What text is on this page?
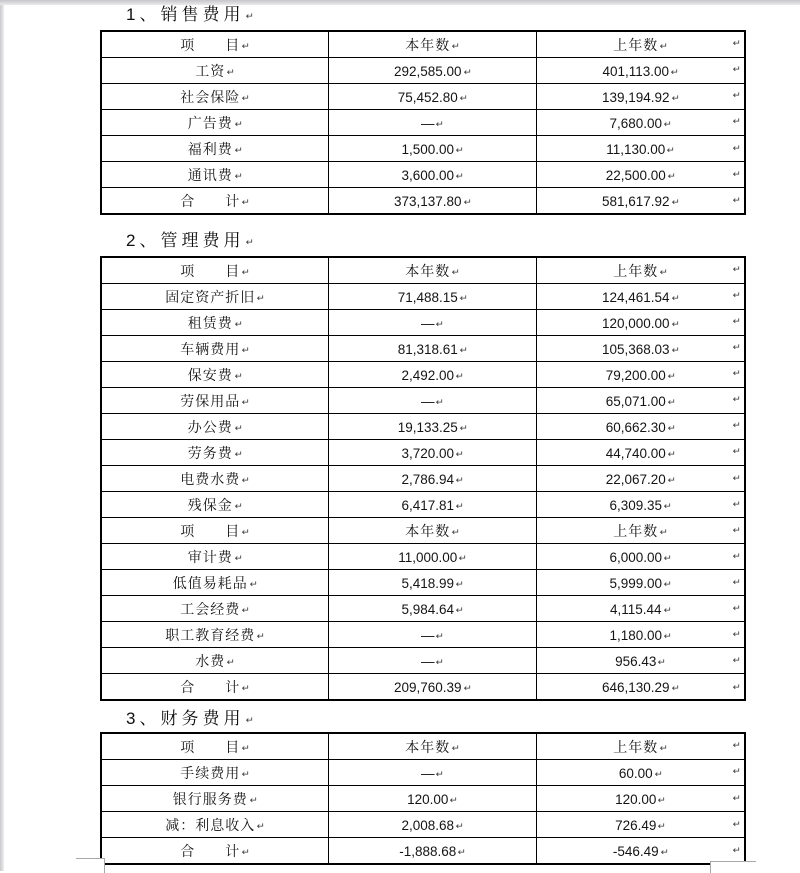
1、销售费用 ↵
项　　目 ↵	本年数 ↵	上年数 ↵
工资 ↵	292,585.00 ↵	401,113.00 ↵
社会保险 ↵	75,452.80 ↵	139,194.92 ↵
广告费 ↵	— ↵	7,680.00 ↵
福利费 ↵	1,500.00 ↵	11,130.00 ↵
通讯费 ↵	3,600.00 ↵	22,500.00 ↵
合　　计 ↵	373,137.80 ↵	581,617.92 ↵
↵
↵
↵
↵
↵
↵
↵
2、管理费用 ↵
项　　目 ↵	本年数 ↵	上年数 ↵
固定资产折旧 ↵	71,488.15 ↵	124,461.54 ↵
租赁费 ↵	— ↵	120,000.00 ↵
车辆费用 ↵	81,318.61 ↵	105,368.03 ↵
保安费 ↵	2,492.00 ↵	79,200.00 ↵
劳保用品 ↵	— ↵	65,071.00 ↵
办公费 ↵	19,133.25 ↵	60,662.30 ↵
劳务费 ↵	3,720.00 ↵	44,740.00 ↵
电费水费 ↵	2,786.94 ↵	22,067.20 ↵
残保金 ↵	6,417.81 ↵	6,309.35 ↵
项　　目 ↵	本年数 ↵	上年数 ↵
审计费 ↵	11,000.00 ↵	6,000.00 ↵
低值易耗品 ↵	5,418.99 ↵	5,999.00 ↵
工会经费 ↵	5,984.64 ↵	4,115.44 ↵
职工教育经费 ↵	— ↵	1,180.00 ↵
水费 ↵	— ↵	956.43 ↵
合　　计 ↵	209,760.39 ↵	646,130.29 ↵
↵
↵
↵
↵
↵
↵
↵
↵
↵
↵
↵
↵
↵
↵
↵
↵
↵
3、财务费用 ↵
项　　目 ↵	本年数 ↵	上年数 ↵
手续费用 ↵	— ↵	60.00 ↵
银行服务费 ↵	120.00 ↵	120.00 ↵
减：利息收入 ↵	2,008.68 ↵	726.49 ↵
合　　计 ↵	-1,888.68 ↵	-546.49 ↵
↵
↵
↵
↵
↵
